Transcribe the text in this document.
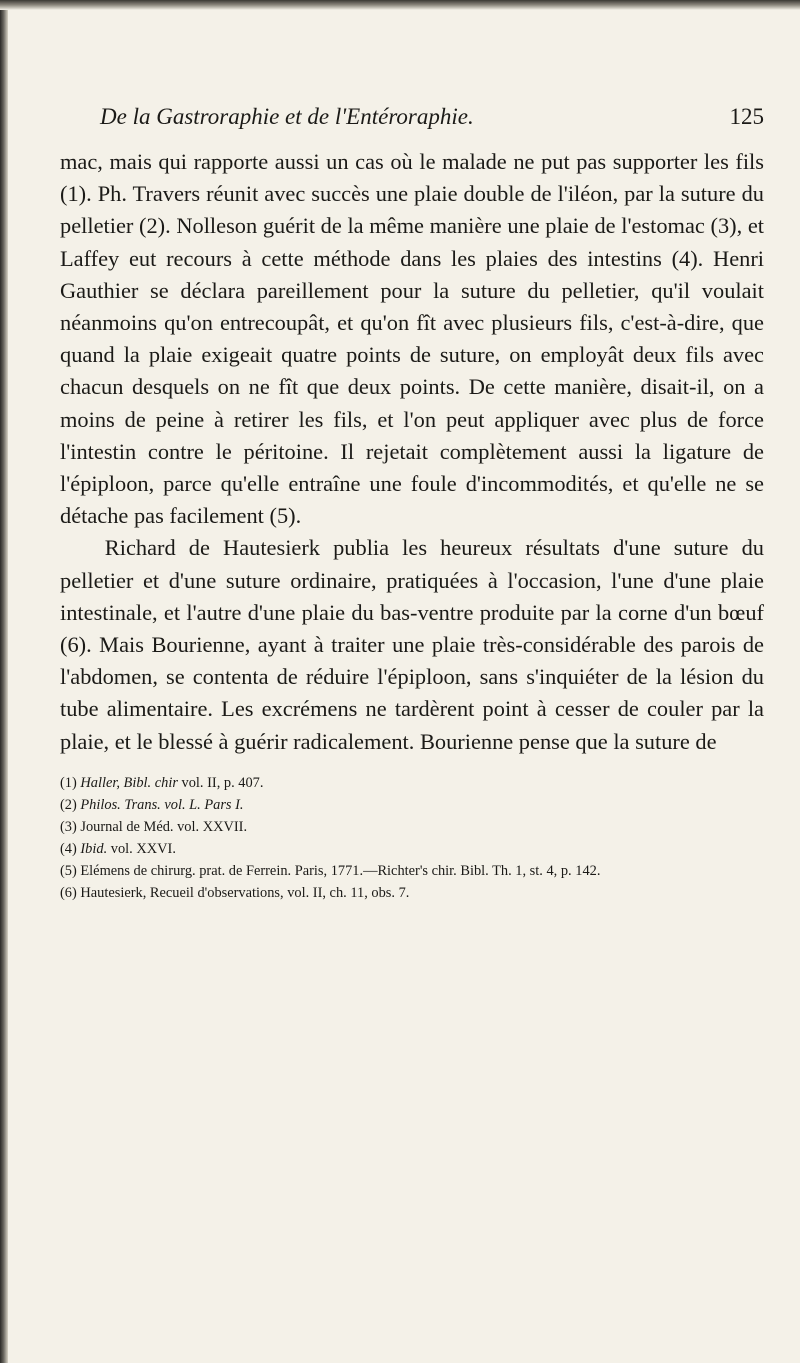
De la Gastroraphie et de l'Entéroraphie.	125

mac, mais qui rapporte aussi un cas où le malade ne put pas supporter les fils (1). Ph. Travers réunit avec succès une plaie double de l'iléon, par la suture du pelletier (2). Nolleson guérit de la même manière une plaie de l'estomac (3), et Laffey eut recours à cette méthode dans les plaies des intestins (4). Henri Gauthier se déclara pareillement pour la suture du pelletier, qu'il voulait néanmoins qu'on entrecoupât, et qu'on fît avec plusieurs fils, c'est-à-dire, que quand la plaie exigeait quatre points de suture, on employât deux fils avec chacun desquels on ne fît que deux points. De cette manière, disait-il, on a moins de peine à retirer les fils, et l'on peut appliquer avec plus de force l'intestin contre le péritoine. Il rejetait complètement aussi la ligature de l'épiploon, parce qu'elle entraîne une foule d'incommodités, et qu'elle ne se détache pas facilement (5).

Richard de Hautesierk publia les heureux résultats d'une suture du pelletier et d'une suture ordinaire, pratiquées à l'occasion, l'une d'une plaie intestinale, et l'autre d'une plaie du bas-ventre produite par la corne d'un bœuf (6). Mais Bourienne, ayant à traiter une plaie très-considérable des parois de l'abdomen, se contenta de réduire l'épiploon, sans s'inquiéter de la lésion du tube alimentaire. Les excrémens ne tardèrent point à cesser de couler par la plaie, et le blessé à guérir radicalement. Bourienne pense que la suture de

(1) Haller, Bibl. chir vol. II, p. 407.

(2) Philos. Trans. vol. L. Pars I.

(3) Journal de Méd. vol. XXVII.

(4) Ibid. vol. XXVI.

(5) Elémens de chirurg. prat. de Ferrein. Paris, 1771.—Richter's chir. Bibl. Th. 1, st. 4, p. 142.

(6) Hautesierk, Recueil d'observations, vol. II, ch. 11, obs. 7.
